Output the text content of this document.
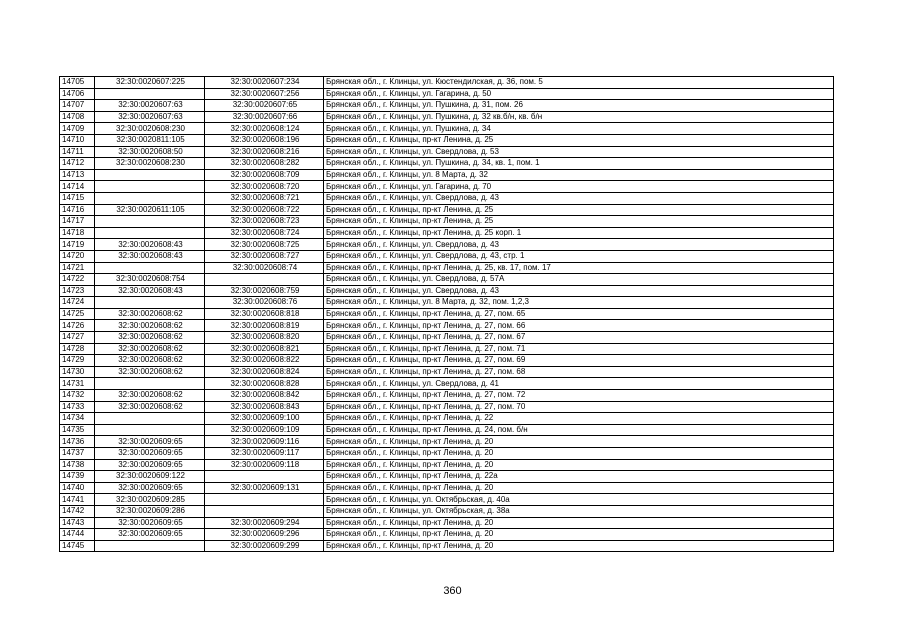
14705	32:30:0020607:225	32:30:0020607:234	Брянская обл., г. Клинцы, ул. Кюстендилская, д. 36, пом. 5
14706		32:30:0020607:256	Брянская обл., г. Клинцы, ул. Гагарина, д. 50
14707	32:30:0020607:63	32:30:0020607:65	Брянская обл., г. Клинцы, ул. Пушкина, д. 31, пом. 26
14708	32:30:0020607:63	32:30:0020607:66	Брянская обл., г. Клинцы, ул. Пушкина, д. 32 кв.б/н, кв. б/н
14709	32:30:0020608:230	32:30:0020608:124	Брянская обл., г. Клинцы, ул. Пушкина, д. 34
14710	32:30:0020811:105	32:30:0020608:196	Брянская обл., г. Клинцы, пр-кт Ленина, д. 25
14711	32:30:0020608:50	32:30:0020608:216	Брянская обл., г. Клинцы, ул. Свердлова, д. 53
14712	32:30:0020608:230	32:30:0020608:282	Брянская обл., г. Клинцы, ул. Пушкина, д. 34, кв. 1, пом. 1
14713		32:30:0020608:709	Брянская обл., г. Клинцы, ул. 8 Марта, д. 32
14714		32:30:0020608:720	Брянская обл., г. Клинцы, ул. Гагарина, д. 70
14715		32:30:0020608:721	Брянская обл., г. Клинцы, ул. Свердлова, д. 43
14716	32:30:0020611:105	32:30:0020608:722	Брянская обл., г. Клинцы, пр-кт Ленина, д. 25
14717		32:30:0020608:723	Брянская обл., г. Клинцы, пр-кт Ленина, д. 25
14718		32:30:0020608:724	Брянская обл., г. Клинцы, пр-кт Ленина, д. 25 корп. 1
14719	32:30:0020608:43	32:30:0020608:725	Брянская обл., г. Клинцы, ул. Свердлова, д. 43
14720	32:30:0020608:43	32:30:0020608:727	Брянская обл., г. Клинцы, ул. Свердлова, д. 43, стр. 1
14721		32:30:0020608:74	Брянская обл., г. Клинцы, пр-кт Ленина, д. 25, кв. 17, пом. 17
14722	32:30:0020608:754		Брянская обл., г. Клинцы, ул. Свердлова, д. 57А
14723	32:30:0020608:43	32:30:0020608:759	Брянская обл., г. Клинцы, ул. Свердлова, д. 43
14724		32:30:0020608:76	Брянская обл., г. Клинцы, ул. 8 Марта, д. 32, пом. 1,2,3
14725	32:30:0020608:62	32:30:0020608:818	Брянская обл., г. Клинцы, пр-кт Ленина, д. 27, пом. 65
14726	32:30:0020608:62	32:30:0020608:819	Брянская обл., г. Клинцы, пр-кт Ленина, д. 27, пом. 66
14727	32:30:0020608:62	32:30:0020608:820	Брянская обл., г. Клинцы, пр-кт Ленина, д. 27, пом. 67
14728	32:30:0020608:62	32:30:0020608:821	Брянская обл., г. Клинцы, пр-кт Ленина, д. 27, пом. 71
14729	32:30:0020608:62	32:30:0020608:822	Брянская обл., г. Клинцы, пр-кт Ленина, д. 27, пом. 69
14730	32:30:0020608:62	32:30:0020608:824	Брянская обл., г. Клинцы, пр-кт Ленина, д. 27, пом. 68
14731		32:30:0020608:828	Брянская обл., г. Клинцы, ул. Свердлова, д. 41
14732	32:30:0020608:62	32:30:0020608:842	Брянская обл., г. Клинцы, пр-кт Ленина, д. 27, пом. 72
14733	32:30:0020608:62	32:30:0020608:843	Брянская обл., г. Клинцы, пр-кт Ленина, д. 27, пом. 70
14734		32:30:0020609:100	Брянская обл., г. Клинцы, пр-кт Ленина, д. 22
14735		32:30:0020609:109	Брянская обл., г. Клинцы, пр-кт Ленина, д. 24, пом. б/н
14736	32:30:0020609:65	32:30:0020609:116	Брянская обл., г. Клинцы, пр-кт Ленина, д. 20
14737	32:30:0020609:65	32:30:0020609:117	Брянская обл., г. Клинцы, пр-кт Ленина, д. 20
14738	32:30:0020609:65	32:30:0020609:118	Брянская обл., г. Клинцы, пр-кт Ленина, д. 20
14739	32:30:0020609:122		Брянская обл., г. Клинцы, пр-кт Ленина, д. 22а
14740	32:30:0020609:65	32:30:0020609:131	Брянская обл., г. Клинцы, пр-кт Ленина, д. 20
14741	32:30:0020609:285		Брянская обл., г. Клинцы, ул. Октябрьская, д. 40а
14742	32:30:0020609:286		Брянская обл., г. Клинцы, ул. Октябрьская, д. 38а
14743	32:30:0020609:65	32:30:0020609:294	Брянская обл., г. Клинцы, пр-кт Ленина, д. 20
14744	32:30:0020609:65	32:30:0020609:296	Брянская обл., г. Клинцы, пр-кт Ленина, д. 20
14745		32:30:0020609:299	Брянская обл., г. Клинцы, пр-кт Ленина, д. 20
360
